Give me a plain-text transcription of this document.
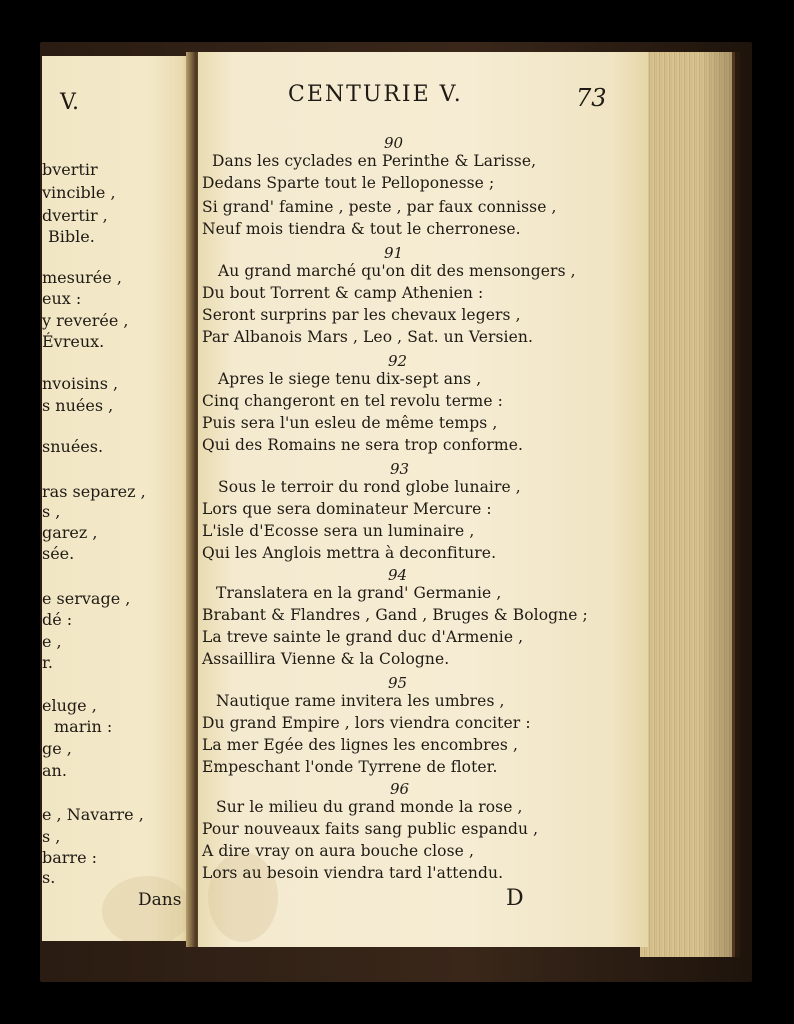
V.
bvertir
vincible ,
dvertir ,
Bible.
mesurée ,
eux :
y reverée ,
Évreux.
nvoisins ,
s nuées ,
snuées.
ras separez ,
s ,
garez ,
sée.
e servage ,
dé :
e ,
r.
eluge ,
marin :
ge ,
an.
e , Navarre ,
s ,
barre :
s.
Dans
CENTURIE V.	73
90
Dans les cyclades en Perinthe & Larisse,
Dedans Sparte tout le Pelloponesse ;
Si grand' famine , peste , par faux connisse ,
Neuf mois tiendra & tout le cherronese.
91
Au grand marché qu'on dit des mensongers ,
Du bout Torrent & camp Athenien :
Seront surprins par les chevaux legers ,
Par Albanois Mars , Leo , Sat. un Versien.
92
Apres le siege tenu dix-sept ans ,
Cinq changeront en tel revolu terme :
Puis sera l'un esleu de même temps ,
Qui des Romains ne sera trop conforme.
93
Sous le terroir du rond globe lunaire ,
Lors que sera dominateur Mercure :
L'isle d'Ecosse sera un luminaire ,
Qui les Anglois mettra à deconfiture.
94
Translatera en la grand' Germanie ,
Brabant & Flandres , Gand , Bruges & Bologne ;
La treve sainte le grand duc d'Armenie ,
Assaillira Vienne & la Cologne.
95
Nautique rame invitera les umbres ,
Du grand Empire , lors viendra conciter :
La mer Egée des lignes les encombres ,
Empeschant l'onde Tyrrene de floter.
96
Sur le milieu du grand monde la rose ,
Pour nouveaux faits sang public espandu ,
A dire vray on aura bouche close ,
Lors au besoin viendra tard l'attendu.
D
